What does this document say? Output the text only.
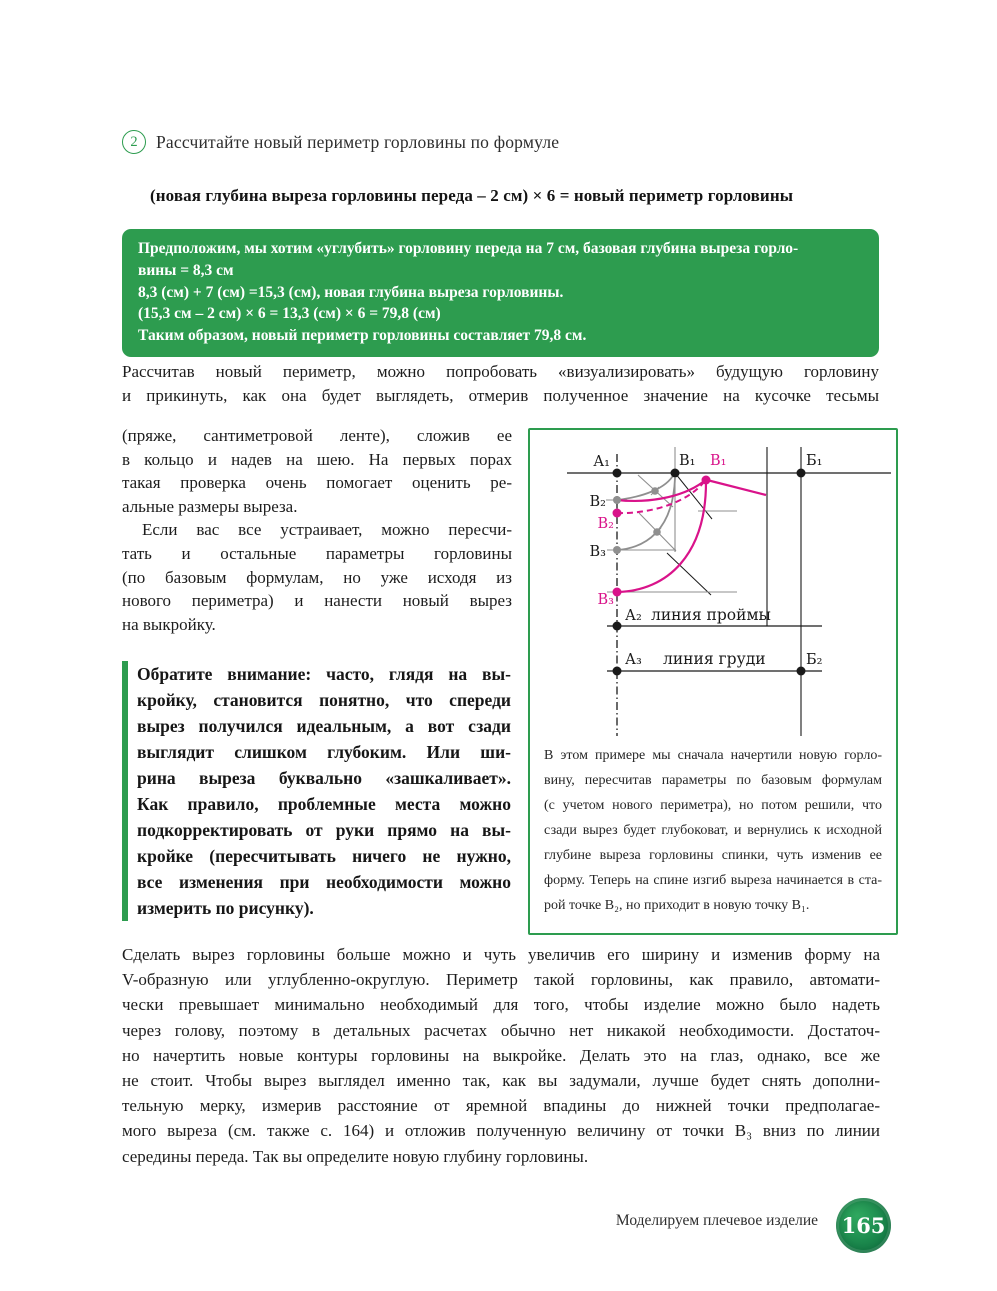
2	Рассчитайте новый периметр горловины по формуле
(новая глубина выреза горловины переда – 2 см) × 6 = новый периметр горловины
Предположим, мы хотим «углубить» горловину переда на 7 см, базовая глубина выреза горло-
вины = 8,3 см
8,3 (см) + 7 (см) =15,3 (см), новая глубина выреза горловины.
(15,3 см – 2 см) × 6 = 13,3 (см) × 6 = 79,8 (см)
Таким образом, новый периметр горловины составляет 79,8 см.
Рассчитав новый периметр, можно попробовать «визуализировать» будущую горловину
и прикинуть, как она будет выглядеть, отмерив полученное значение на кусочке тесьмы
(пряже, сантиметровой ленте), сложив ее
в кольцо и надев на шею. На первых порах
такая проверка очень помогает оценить ре-
альные размеры выреза.
Если вас все устраивает, можно пересчи-
тать и остальные параметры горловины
(по базовым формулам, но уже исходя из
нового периметра) и нанести новый вырез
на выкройку.
Обратите внимание: часто, глядя на вы-
кройку, становится понятно, что спереди
вырез получился идеальным, а вот сзади
выглядит слишком глубоким. Или ши-
рина выреза буквально «зашкаливает».
Как правило, проблемные места можно
подкорректировать от руки прямо на вы-
кройке (пересчитывать ничего не нужно,
все изменения при необходимости можно
измерить по рисунку).
А₁	В₁ В₁	Б₁
В₂
В₂
В₃
В₃
А₂ линия проймы
А₃ линия груди	Б₂
В этом примере мы сначала начертили новую горло-
вину, пересчитав параметры по базовым формулам
(с учетом нового периметра), но потом решили, что
сзади вырез будет глубоковат, и вернулись к исходной
глубине выреза горловины спинки, чуть изменив ее
форму. Теперь на спине изгиб выреза начинается в ста-
рой точке В₂, но приходит в новую точку В₁.
Сделать вырез горловины больше можно и чуть увеличив его ширину и изменив форму на
V-образную или углубленно-округлую. Периметр такой горловины, как правило, автомати-
чески превышает минимально необходимый для того, чтобы изделие можно было надеть
через голову, поэтому в детальных расчетах обычно нет никакой необходимости. Достаточ-
но начертить новые контуры горловины на выкройке. Делать это на глаз, однако, все же
не стоит. Чтобы вырез выглядел именно так, как вы задумали, лучше будет снять дополни-
тельную мерку, измерив расстояние от яремной впадины до нижней точки предполагае-
мого выреза (см. также с. 164) и отложив полученную величину от точки В₃ вниз по линии
середины переда. Так вы определите новую глубину горловины.
Моделируем плечевое изделие 165
